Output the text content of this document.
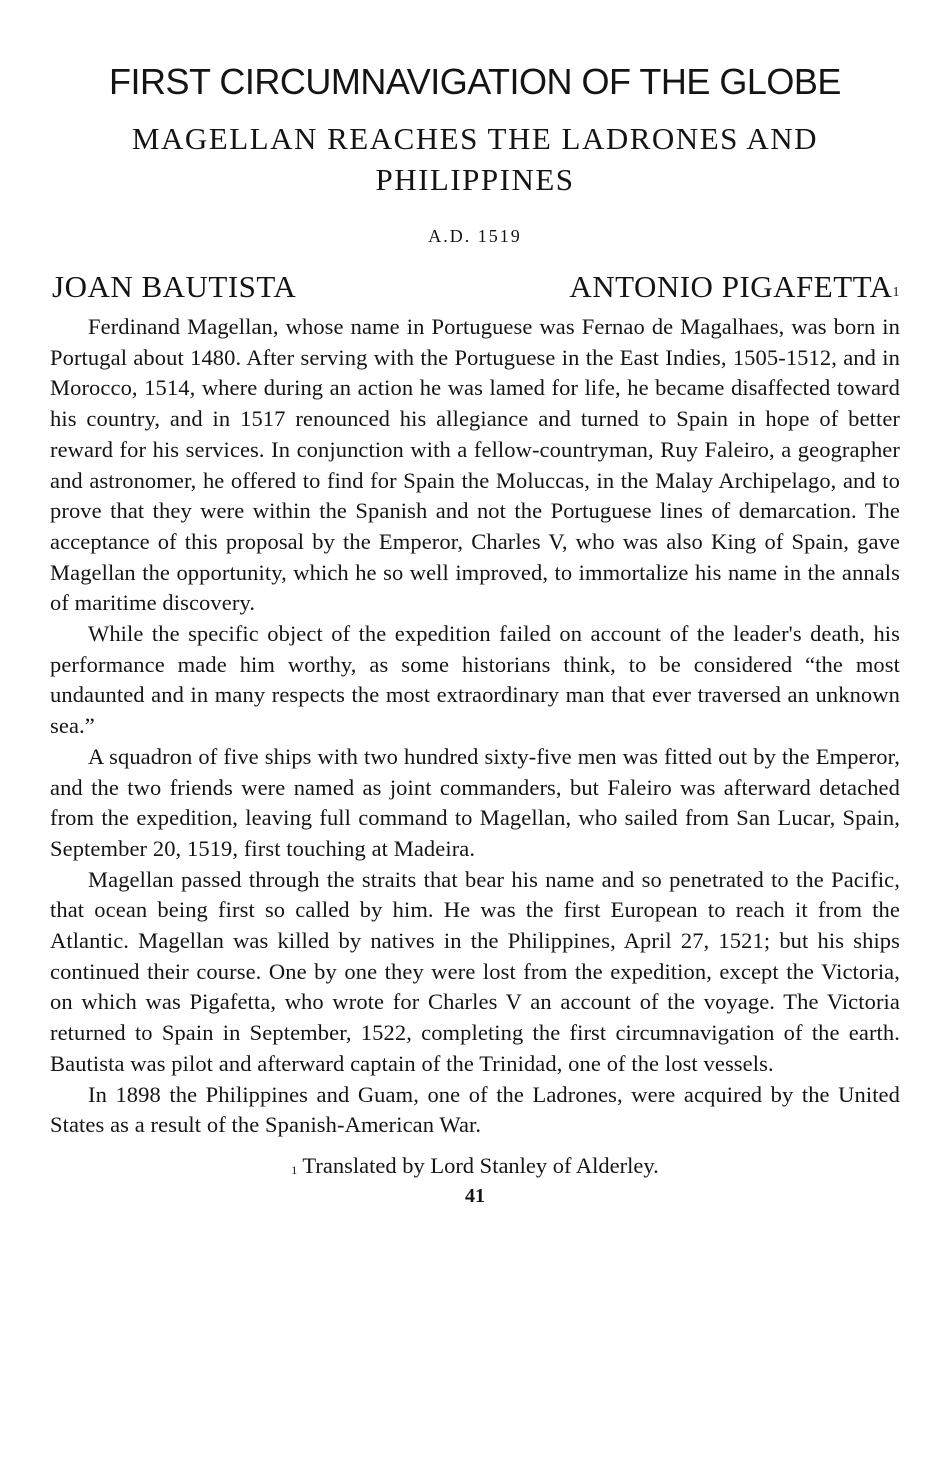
FIRST CIRCUMNAVIGATION OF THE GLOBE
MAGELLAN REACHES THE LADRONES AND PHILIPPINES
A.D. 1519
JOAN BAUTISTA	ANTONIO PIGAFETTA$^1$

Ferdinand Magellan, whose name in Portuguese was Fernao de Magalhaes, was born in Portugal about 1480. After serving with the Portuguese in the East Indies, 1505-1512, and in Morocco, 1514, where during an action he was lamed for life, he became disaffected toward his country, and in 1517 renounced his allegiance and turned to Spain in hope of better reward for his services. In conjunction with a fellow-countryman, Ruy Faleiro, a geographer and astronomer, he offered to find for Spain the Moluccas, in the Malay Archipelago, and to prove that they were within the Spanish and not the Portuguese lines of demarcation. The acceptance of this proposal by the Emperor, Charles V, who was also King of Spain, gave Magellan the opportunity, which he so well improved, to immortalize his name in the annals of maritime discovery.

While the specific object of the expedition failed on account of the leader's death, his performance made him worthy, as some historians think, to be considered “the most undaunted and in many respects the most extraordinary man that ever traversed an unknown sea.”

A squadron of five ships with two hundred sixty-five men was fitted out by the Emperor, and the two friends were named as joint commanders, but Faleiro was afterward detached from the expedition, leaving full command to Magellan, who sailed from San Lucar, Spain, September 20, 1519, first touching at Madeira.

Magellan passed through the straits that bear his name and so penetrated to the Pacific, that ocean being first so called by him. He was the first European to reach it from the Atlantic. Magellan was killed by natives in the Philippines, April 27, 1521; but his ships continued their course. One by one they were lost from the expedition, except the Victoria, on which was Pigafetta, who wrote for Charles V an account of the voyage. The Victoria returned to Spain in September, 1522, completing the first circumnavigation of the earth. Bautista was pilot and afterward captain of the Trinidad, one of the lost vessels.

In 1898 the Philippines and Guam, one of the Ladrones, were acquired by the United States as a result of the Spanish-American War.

$^1$ Translated by Lord Stanley of Alderley.
41
